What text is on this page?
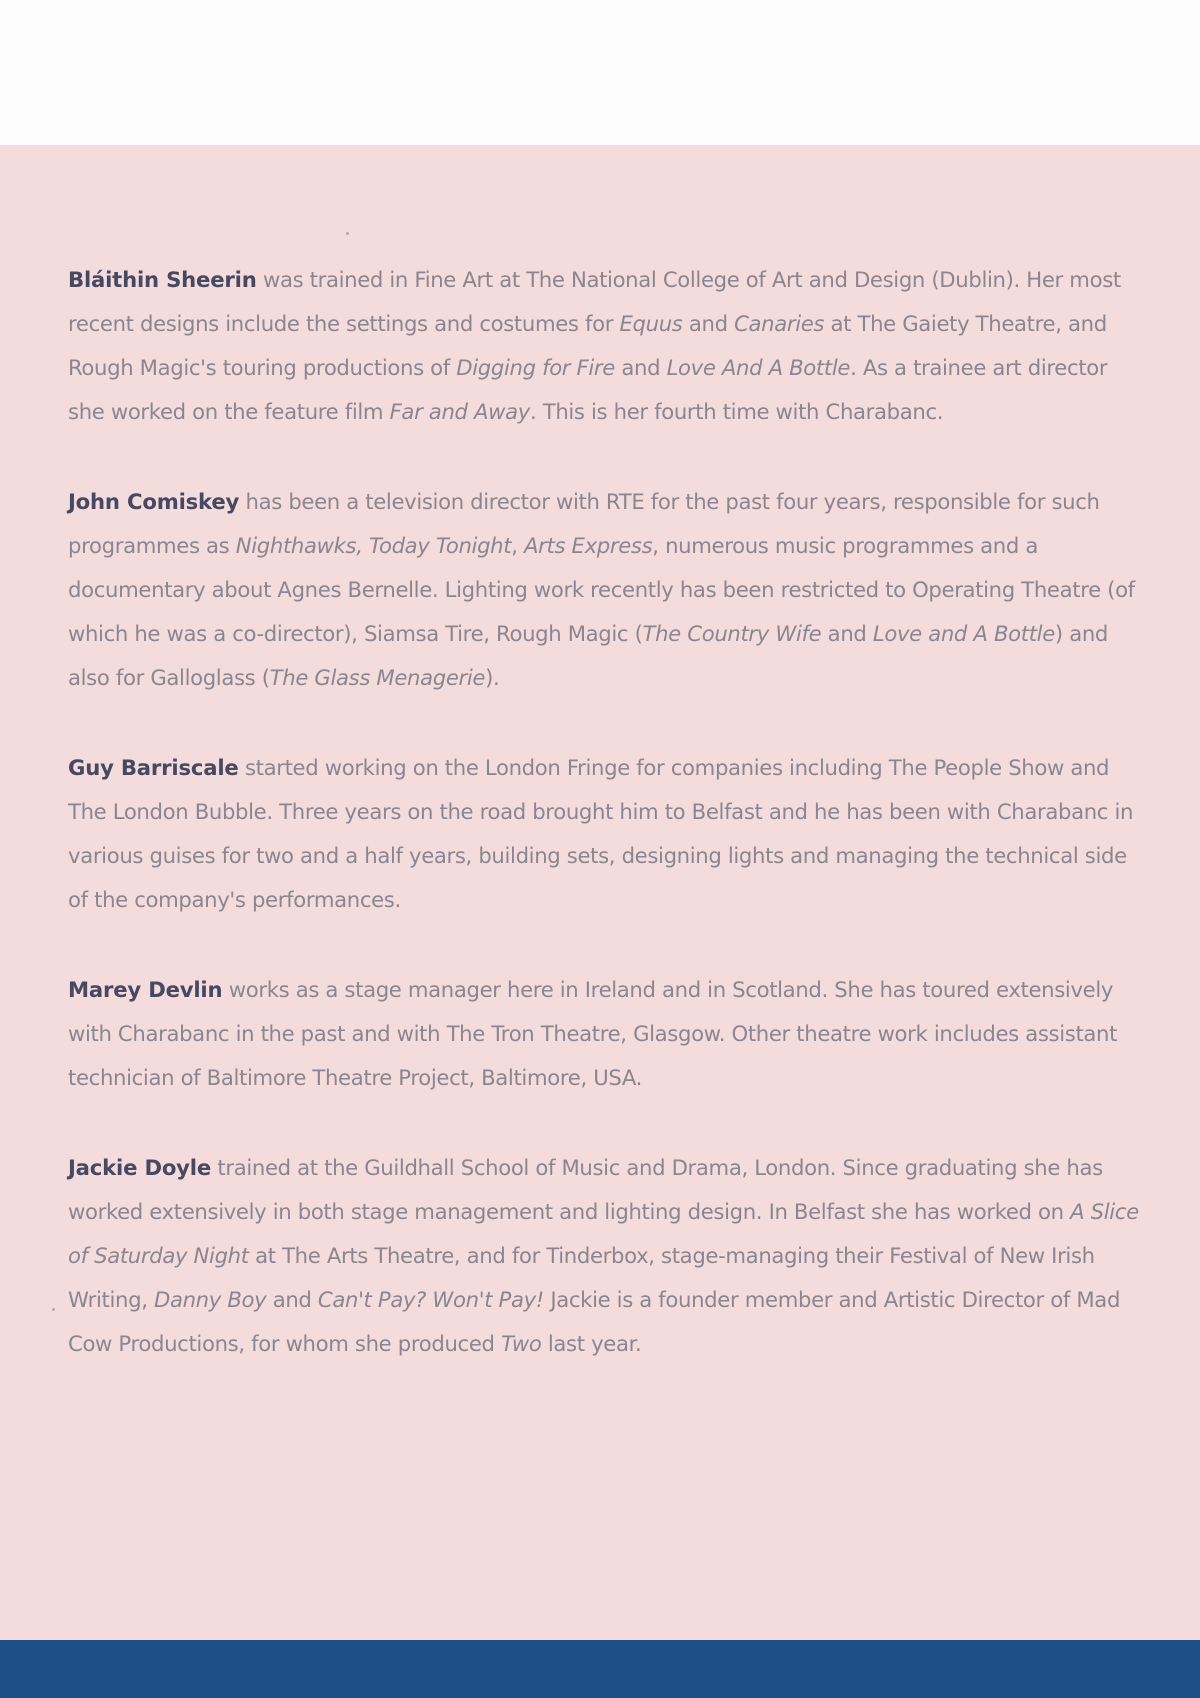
Bláithin Sheerin was trained in Fine Art at The National College of Art and Design (Dublin). Her most recent designs include the settings and costumes for Equus and Canaries at The Gaiety Theatre, and Rough Magic's touring productions of Digging for Fire and Love And A Bottle. As a trainee art director she worked on the feature film Far and Away. This is her fourth time with Charabanc.

John Comiskey has been a television director with RTE for the past four years, responsible for such programmes as Nighthawks, Today Tonight, Arts Express, numerous music programmes and a documentary about Agnes Bernelle. Lighting work recently has been restricted to Operating Theatre (of which he was a co-director), Siamsa Tire, Rough Magic (The Country Wife and Love and A Bottle) and also for Galloglass (The Glass Menagerie).

Guy Barriscale started working on the London Fringe for companies including The People Show and The London Bubble. Three years on the road brought him to Belfast and he has been with Charabanc in various guises for two and a half years, building sets, designing lights and managing the technical side of the company's performances.

Marey Devlin works as a stage manager here in Ireland and in Scotland. She has toured extensively with Charabanc in the past and with The Tron Theatre, Glasgow. Other theatre work includes assistant technician of Baltimore Theatre Project, Baltimore, USA.

Jackie Doyle trained at the Guildhall School of Music and Drama, London. Since graduating she has worked extensively in both stage management and lighting design. In Belfast she has worked on A Slice of Saturday Night at The Arts Theatre, and for Tinderbox, stage-managing their Festival of New Irish Writing, Danny Boy and Can't Pay? Won't Pay! Jackie is a founder member and Artistic Director of Mad Cow Productions, for whom she produced Two last year.
